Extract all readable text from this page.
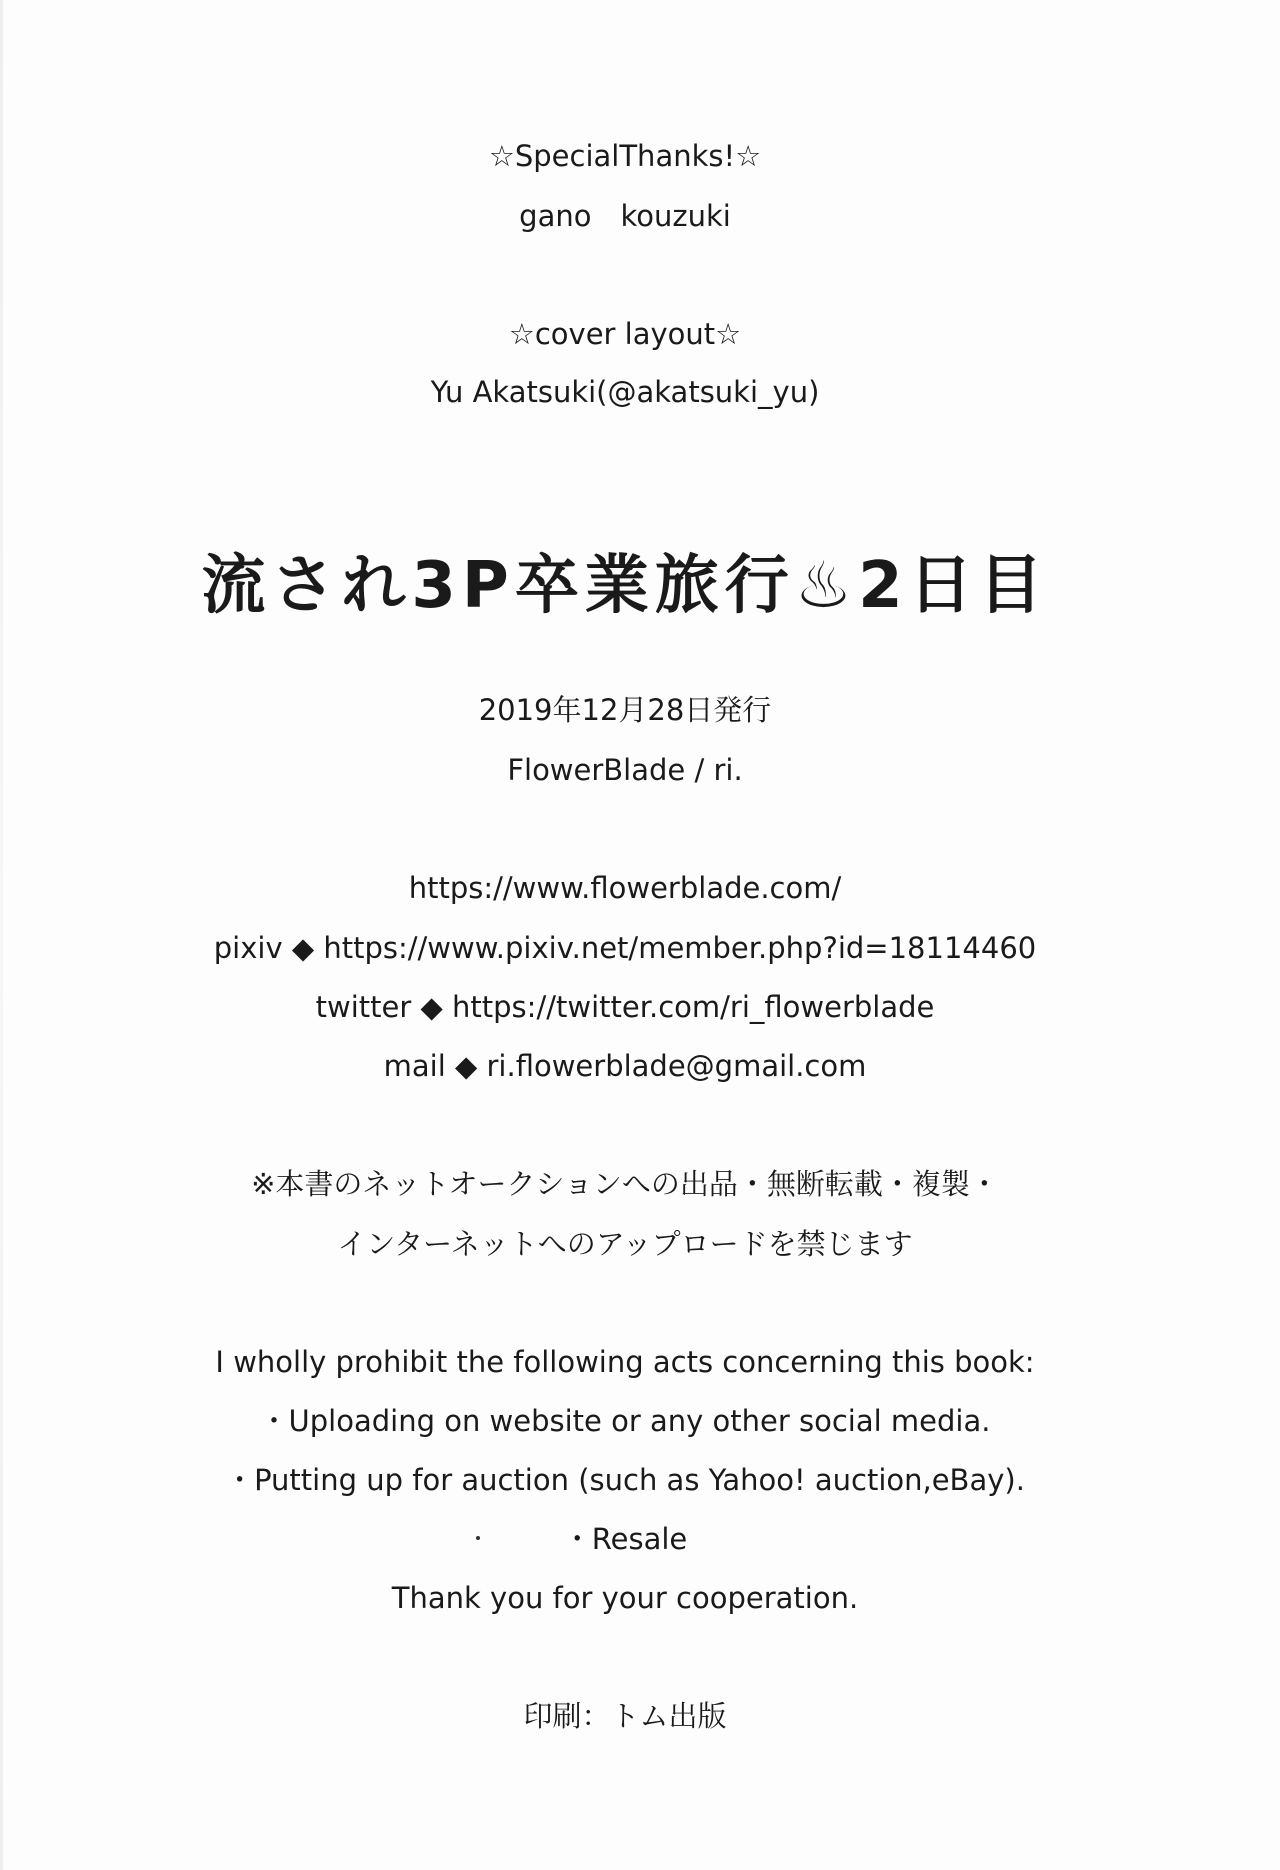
☆SpecialThanks!☆
gano　kouzuki
☆cover layout☆
Yu Akatsuki(@akatsuki_yu)
流され3P卒業旅行♨2日目
2019年12月28日発行
FlowerBlade / ri.
https://www.flowerblade.com/
pixiv ◆ https://www.pixiv.net/member.php?id=18114460
twitter ◆ https://twitter.com/ri_flowerblade
mail ◆ ri.flowerblade@gmail.com
※本書のネットオークションへの出品・無断転載・複製・
インターネットへのアップロードを禁じます
I wholly prohibit the following acts concerning this book:
・Uploading on website or any other social media.
・Putting up for auction (such as Yahoo! auction,eBay).
・Resale
Thank you for your cooperation.
印刷：トム出版
